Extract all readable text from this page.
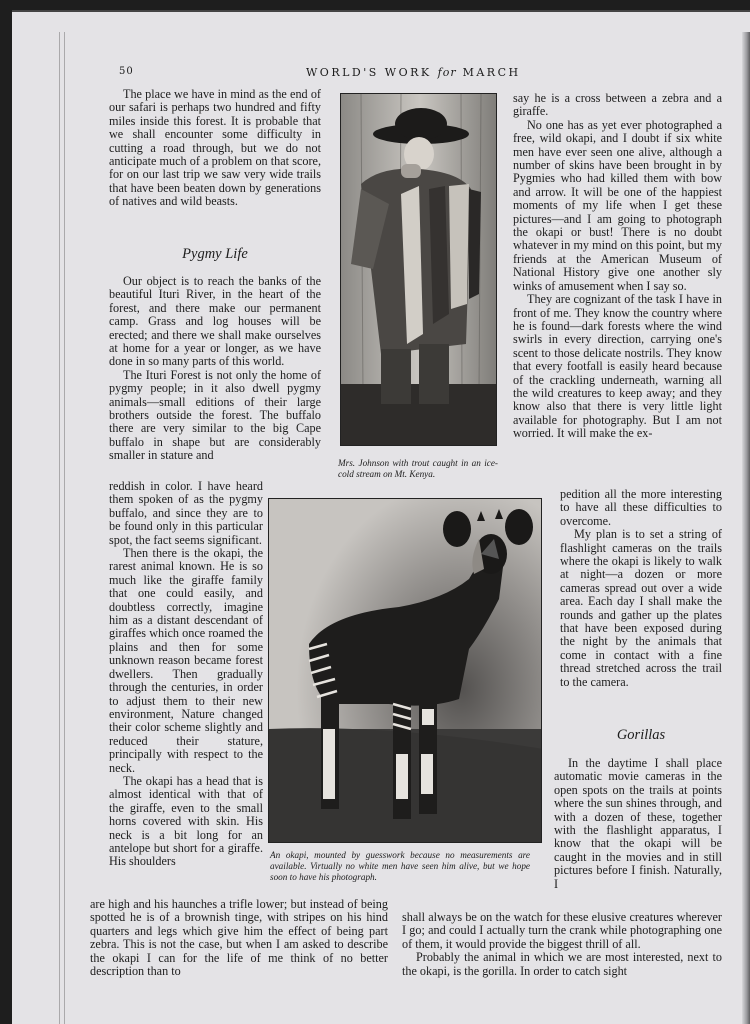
50	WORLD'S WORK for MARCH

The place we have in mind as the end of our safari is perhaps two hundred and fifty miles inside this forest. It is probable that we shall encounter some difficulty in cutting a road through, but we do not anticipate much of a problem on that score, for on our last trip we saw very wide trails that have been beaten down by generations of natives and wild beasts.

Pygmy Life

Our object is to reach the banks of the beautiful Ituri River, in the heart of the forest, and there make our permanent camp. Grass and log houses will be erected; and there we shall make ourselves at home for a year or longer, as we have done in so many parts of this world.

The Ituri Forest is not only the home of pygmy people; in it also dwell pygmy animals—small editions of their large brothers outside the forest. The buffalo there are very similar to the big Cape buffalo in shape but are considerably smaller in stature and

reddish in color. I have heard them spoken of as the pygmy buffalo, and since they are to be found only in this particular spot, the fact seems significant.

Then there is the okapi, the rarest animal known. He is so much like the giraffe family that one could easily, and doubtless correctly, imagine him as a distant descendant of giraffes which once roamed the plains and then for some unknown reason became forest dwellers. Then gradually through the centuries, in order to adjust them to their new environment, Nature changed their color scheme slightly and reduced their stature, principally with respect to the neck.

The okapi has a head that is almost identical with that of the giraffe, even to the small horns covered with skin. His neck is a bit long for an antelope but short for a giraffe. His shoulders

are high and his haunches a trifle lower; but instead of being spotted he is of a brownish tinge, with stripes on his hind quarters and legs which give him the effect of being part zebra. This is not the case, but when I am asked to describe the okapi I can for the life of me think of no better description than to

say he is a cross between a zebra and a giraffe.

No one has as yet ever photographed a free, wild okapi, and I doubt if six white men have ever seen one alive, although a number of skins have been brought in by Pygmies who had killed them with bow and arrow. It will be one of the happiest moments of my life when I get these pictures—and I am going to photograph the okapi or bust! There is no doubt whatever in my mind on this point, but my friends at the American Museum of National History give one another sly winks of amusement when I say so.

They are cognizant of the task I have in front of me. They know the country where he is found—dark forests where the wind swirls in every direction, carrying one's scent to those delicate nostrils. They know that every footfall is easily heard because of the crackling underneath, warning all the wild creatures to keep away; and they know also that there is very little light available for photography. But I am not worried. It will make the ex-

pedition all the more interesting to have all these difficulties to overcome.

My plan is to set a string of flashlight cameras on the trails where the okapi is likely to walk at night—a dozen or more cameras spread out over a wide area. Each day I shall make the rounds and gather up the plates that have been exposed during the night by the animals that come in contact with a fine thread stretched across the trail to the camera.

Gorillas

In the daytime I shall place automatic movie cameras in the open spots on the trails at points where the sun shines through, and with a dozen of these, together with the flashlight apparatus, I know that the okapi will be caught in the movies and in still pictures before I finish. Naturally, I

shall always be on the watch for these elusive creatures wherever I go; and could I actually turn the crank while photographing one of them, it would provide the biggest thrill of all.

Probably the animal in which we are most interested, next to the okapi, is the gorilla. In order to catch sight

Mrs. Johnson with trout caught in an ice-cold stream on Mt. Kenya.
An okapi, mounted by guesswork because no measurements are available. Virtually no white men have seen him alive, but we hope soon to have his photograph.
